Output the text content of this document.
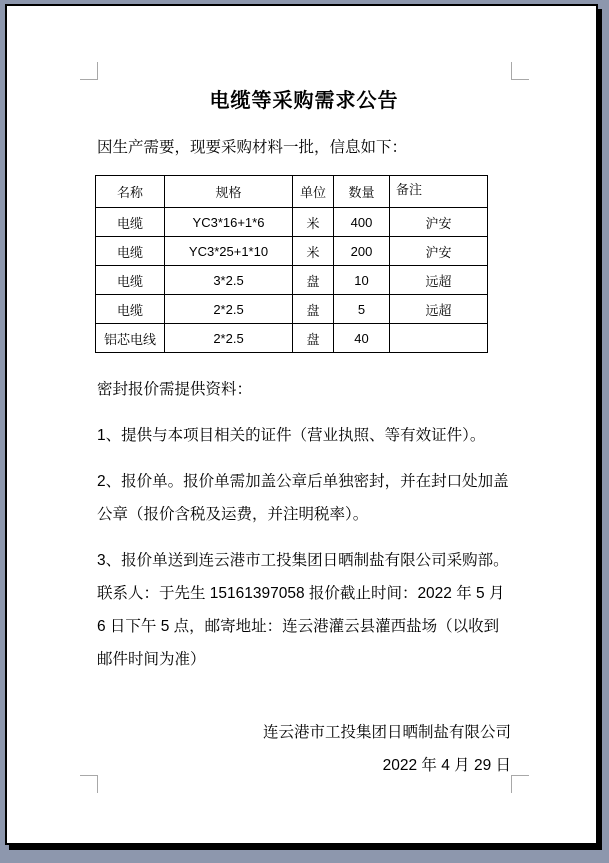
电缆等采购需求公告

因生产需要，现要采购材料一批，信息如下：

名称	规格	单位	数量	备注
电缆	YC3*16+1*6	米	400	沪安
电缆	YC3*25+1*10	米	200	沪安
电缆	3*2.5	盘	10	远超
电缆	2*2.5	盘	5	远超
铝芯电线	2*2.5	盘	40	

密封报价需提供资料：

1、提供与本项目相关的证件（营业执照、等有效证件）。

2、报价单。报价单需加盖公章后单独密封，并在封口处加盖公章（报价含税及运费，并注明税率）。

3、报价单送到连云港市工投集团日晒制盐有限公司采购部。联系人：于先生 15161397058 报价截止时间：2022 年 5 月 6 日下午 5 点，邮寄地址：连云港灌云县灌西盐场（以收到邮件时间为准）

连云港市工投集团日晒制盐有限公司

2022 年 4 月 29 日
